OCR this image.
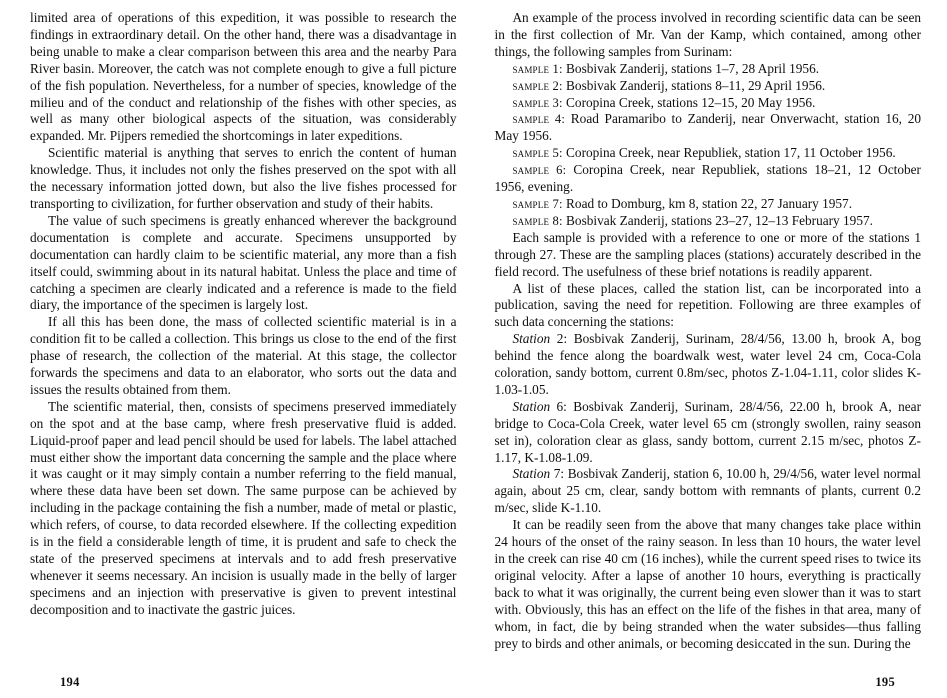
limited area of operations of this expedition, it was possible to research the findings in extraordinary detail. On the other hand, there was a disadvantage in being unable to make a clear comparison between this area and the nearby Para River basin. Moreover, the catch was not complete enough to give a full picture of the fish population. Nevertheless, for a number of species, knowledge of the milieu and of the conduct and relationship of the fishes with other species, as well as many other biological aspects of the situation, was considerably expanded. Mr. Pijpers remedied the shortcomings in later expeditions.

Scientific material is anything that serves to enrich the content of human knowledge. Thus, it includes not only the fishes preserved on the spot with all the necessary information jotted down, but also the live fishes processed for transporting to civilization, for further observation and study of their habits.

The value of such specimens is greatly enhanced wherever the background documentation is complete and accurate. Specimens unsupported by documentation can hardly claim to be scientific material, any more than a fish itself could, swimming about in its natural habitat. Unless the place and time of catching a specimen are clearly indicated and a reference is made to the field diary, the importance of the specimen is largely lost.

If all this has been done, the mass of collected scientific material is in a condition fit to be called a collection. This brings us close to the end of the first phase of research, the collection of the material. At this stage, the collector forwards the specimens and data to an elaborator, who sorts out the data and issues the results obtained from them.

The scientific material, then, consists of specimens preserved immediately on the spot and at the base camp, where fresh preservative fluid is added. Liquid-proof paper and lead pencil should be used for labels. The label attached must either show the important data concerning the sample and the place where it was caught or it may simply contain a number referring to the field manual, where these data have been set down. The same purpose can be achieved by including in the package containing the fish a number, made of metal or plastic, which refers, of course, to data recorded elsewhere. If the collecting expedition is in the field a considerable length of time, it is prudent and safe to check the state of the preserved specimens at intervals and to add fresh preservative whenever it seems necessary. An incision is usually made in the belly of larger specimens and an injection with preservative is given to prevent intestinal decomposition and to inactivate the gastric juices.

194

An example of the process involved in recording scientific data can be seen in the first collection of Mr. Van der Kamp, which contained, among other things, the following samples from Surinam:

sample 1: Bosbivak Zanderij, stations 1–7, 28 April 1956.

sample 2: Bosbivak Zanderij, stations 8–11, 29 April 1956.

sample 3: Coropina Creek, stations 12–15, 20 May 1956.

sample 4: Road Paramaribo to Zanderij, near Onverwacht, station 16, 20 May 1956.

sample 5: Coropina Creek, near Republiek, station 17, 11 October 1956.

sample 6: Coropina Creek, near Republiek, stations 18–21, 12 October 1956, evening.

sample 7: Road to Domburg, km 8, station 22, 27 January 1957.

sample 8: Bosbivak Zanderij, stations 23–27, 12–13 February 1957.

Each sample is provided with a reference to one or more of the stations 1 through 27. These are the sampling places (stations) accurately described in the field record. The usefulness of these brief notations is readily apparent.

A list of these places, called the station list, can be incorporated into a publication, saving the need for repetition. Following are three examples of such data concerning the stations:

Station 2: Bosbivak Zanderij, Surinam, 28/4/56, 13.00 h, brook A, bog behind the fence along the boardwalk west, water level 24 cm, Coca-Cola coloration, sandy bottom, current 0.8m/sec, photos Z-1.04-1.11, color slides K-1.03-1.05.

Station 6: Bosbivak Zanderij, Surinam, 28/4/56, 22.00 h, brook A, near bridge to Coca-Cola Creek, water level 65 cm (strongly swollen, rainy season set in), coloration clear as glass, sandy bottom, current 2.15 m/sec, photos Z-1.17, K-1.08-1.09.

Station 7: Bosbivak Zanderij, station 6, 10.00 h, 29/4/56, water level normal again, about 25 cm, clear, sandy bottom with remnants of plants, current 0.2 m/sec, slide K-1.10.

It can be readily seen from the above that many changes take place within 24 hours of the onset of the rainy season. In less than 10 hours, the water level in the creek can rise 40 cm (16 inches), while the current speed rises to twice its original velocity. After a lapse of another 10 hours, everything is practically back to what it was originally, the current being even slower than it was to start with. Obviously, this has an effect on the life of the fishes in that area, many of whom, in fact, die by being stranded when the water subsides—thus falling prey to birds and other animals, or becoming desiccated in the sun. During the

195
